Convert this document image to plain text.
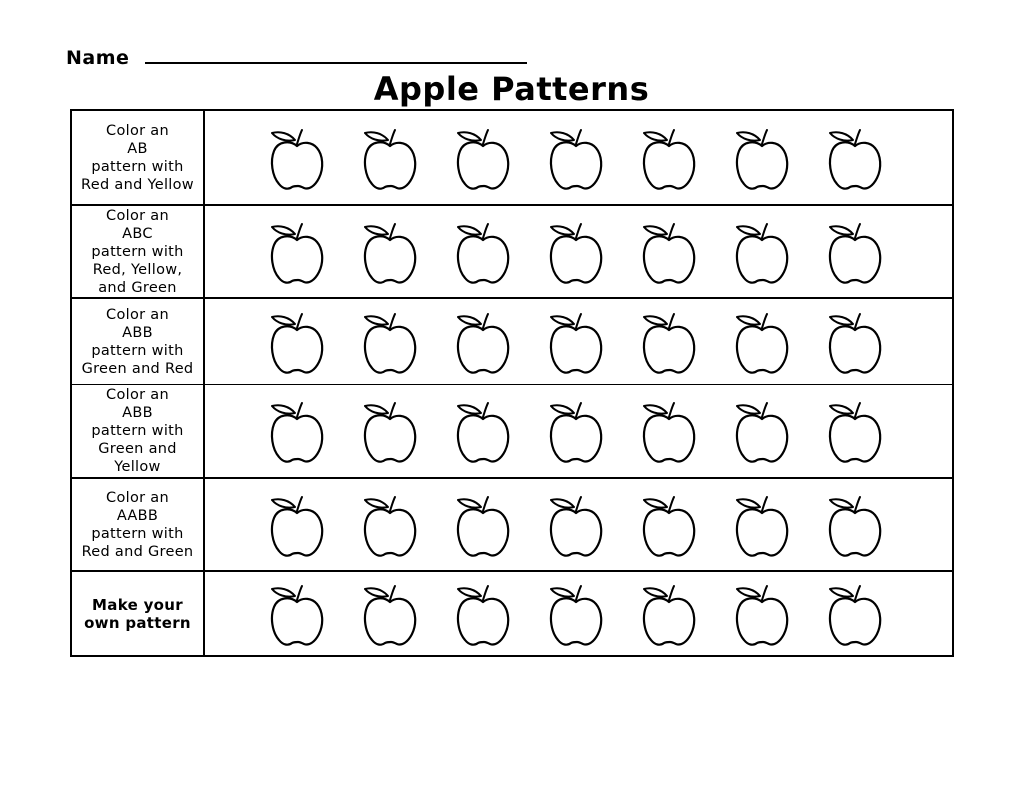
Name
Apple Patterns
Color an
AB
pattern with
Red and Yellow
Color an
ABC
pattern with
Red, Yellow,
and Green
Color an
ABB
pattern with
Green and Red
Color an
ABB
pattern with
Green and
Yellow
Color an
AABB
pattern with
Red and Green
Make your
own pattern
